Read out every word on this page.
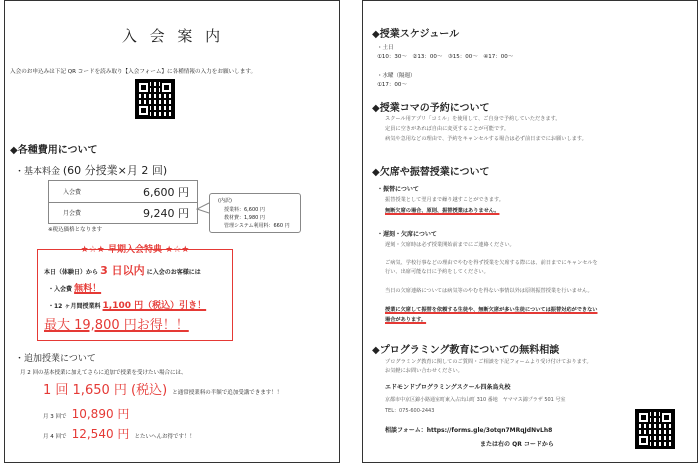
入 会 案 内
入会のお申込みは下記 QR コードを読み取り【入会フォーム】に各種情報の入力をお願いします。
◆各種費用について
・基本料金 (60 分授業×月 2 回)
入会費	6,600 円
月会費	9,240 円
(内訳)
授業料：6,600 円
教材費：1,980 円
管理システム利用料：660 円
※税込価格となります
★☆★ 早期入会特典 ★☆★
本日（体験日）から 3 日以内 に入会のお客様には
・入会費 無料！
・12 ヶ月間授業料 1,100 円（税込）引き！
最大 19,800 円お得！！
・追加授業について
月 2 回の基本授業に加えてさらに追加で授業を受けたい場合には、
1 回 1,650 円 (税込) と通常授業料の半額で追加受講できます！！
月 3 回で 10,890 円
月 4 回で 12,540 円 とたいへんお得です！！
◆授業スケジュール
・土日
①10：30～　②13：00～　③15：00～　④17：00～
・水曜（隔週）
①17：00～
◆授業コマの予約について
スクール用アプリ「コミル」を使用して、ご自身で予約していただきます。
定員に空きがあれば自由に変更することが可能です。
病気や急用などの理由で、予約をキャンセルする場合は必ず前日までにお願いします。
◆欠席や振替授業について
・振替について
振替授業として翌月まで繰り越すことができます。
無断欠席の場合、原則、振替授業はありません。
・遅刻・欠席について
遅刻・欠席時は必ず授業開始前までにご連絡ください。
ご病気、学校行事などの理由でやむを得ず授業を欠席する際には、前日までにキャンセルを
行い、出席可能な日に予約をしてください。
当日の欠席連絡については病気等のやむを得ない事情以外は原則振替授業を行いません。
授業に欠席して振替を依頼する生徒や、無断欠席が多い生徒については振替対応ができない
場合があります。
◆プログラミング教育についての無料相談
プログラミング教育に関してのご質問・ご相談を下記フォームより受け付けております。
お気軽にお問い合わせください。
エドモンドプログラミングスクール四条烏丸校
京都市中京区錦小路通室町東入占出山町 310 番地　ヤママス錦プラザ 501 号室
TEL：075-600-2443
相談フォーム：https://forms.gle/3otqn7MRqJdNvLh8
または右の QR コードから
